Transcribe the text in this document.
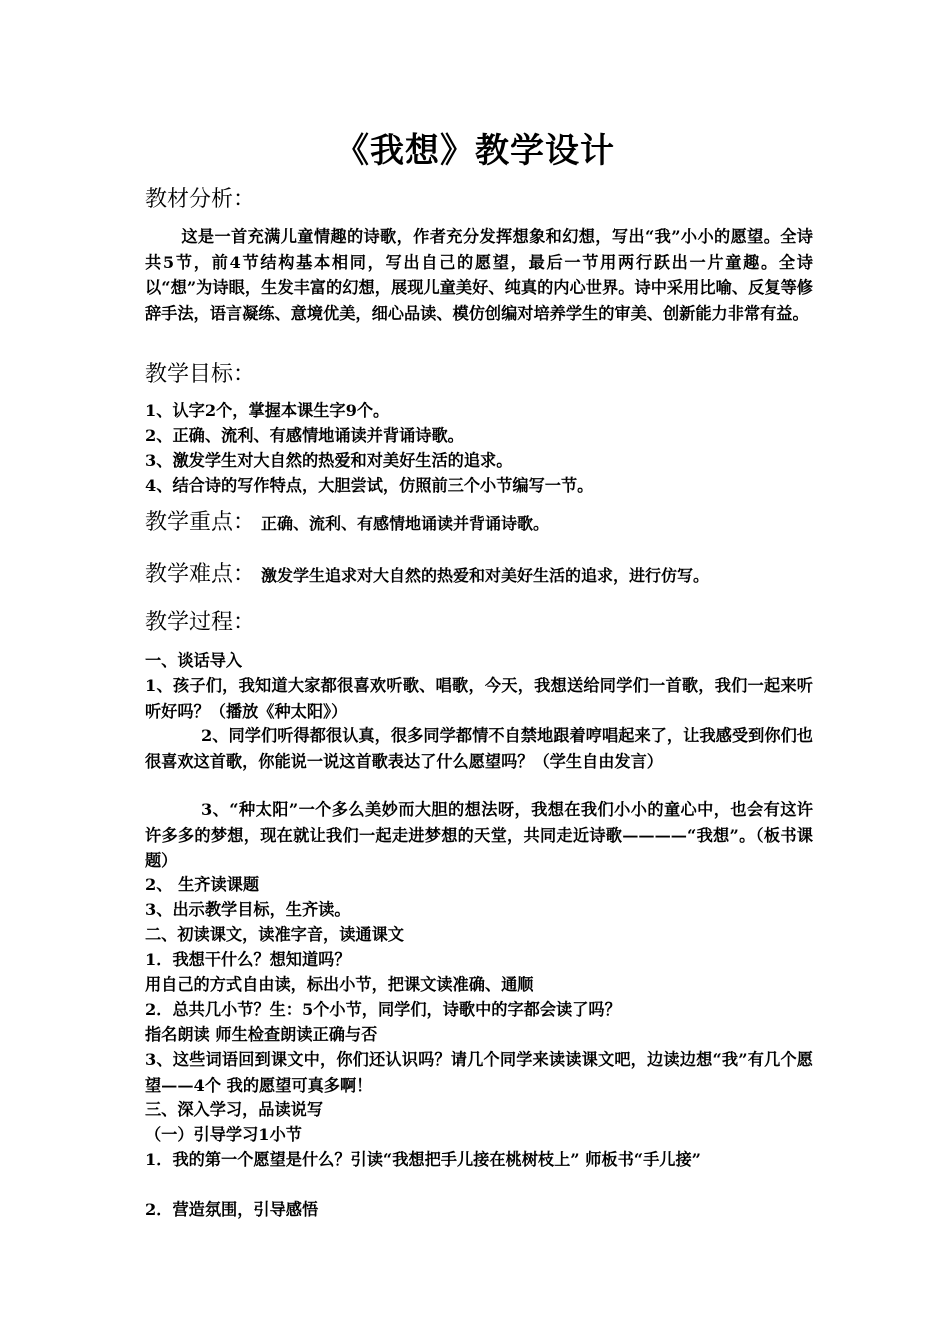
《我想》教学设计
教材分析：
这是一首充满儿童情趣的诗歌，作者充分发挥想象和幻想，写出“我”小小的愿望。全诗共5节，前4节结构基本相同，写出自己的愿望，最后一节用两行跃出一片童趣。全诗以“想”为诗眼，生发丰富的幻想，展现儿童美好、纯真的内心世界。诗中采用比喻、反复等修辞手法，语言凝练、意境优美，细心品读、模仿创编对培养学生的审美、创新能力非常有益。
教学目标：
1、认字2个，掌握本课生字9个。
2、正确、流利、有感情地诵读并背诵诗歌。
3、激发学生对大自然的热爱和对美好生活的追求。
4、结合诗的写作特点，大胆尝试，仿照前三个小节编写一节。
教学重点： 正确、流利、有感情地诵读并背诵诗歌。
教学难点： 激发学生追求对大自然的热爱和对美好生活的追求，进行仿写。
教学过程：
一、谈话导入
1、孩子们，我知道大家都很喜欢听歌、唱歌，今天，我想送给同学们一首歌，我们一起来听听好吗？（播放《种太阳》）
2、同学们听得都很认真，很多同学都情不自禁地跟着哼唱起来了，让我感受到你们也很喜欢这首歌，你能说一说这首歌表达了什么愿望吗？（学生自由发言）
3、“种太阳”一个多么美妙而大胆的想法呀，我想在我们小小的童心中，也会有这许许多多的梦想，现在就让我们一起走进梦想的天堂，共同走近诗歌————“我想”。（板书课题）
2、 生齐读课题
3、出示教学目标，生齐读。
二、初读课文，读准字音，读通课文
1．我想干什么？想知道吗？
用自己的方式自由读，标出小节，把课文读准确、通顺
2．总共几小节？生：5个小节，同学们，诗歌中的字都会读了吗？
指名朗读 师生检查朗读正确与否
3、这些词语回到课文中，你们还认识吗？请几个同学来读读课文吧，边读边想“我”有几个愿望——4个 我的愿望可真多啊！
三、深入学习，品读说写
（一）引导学习1小节
1．我的第一个愿望是什么？引读“我想把手儿接在桃树枝上” 师板书“手儿接”
2．营造氛围，引导感悟
